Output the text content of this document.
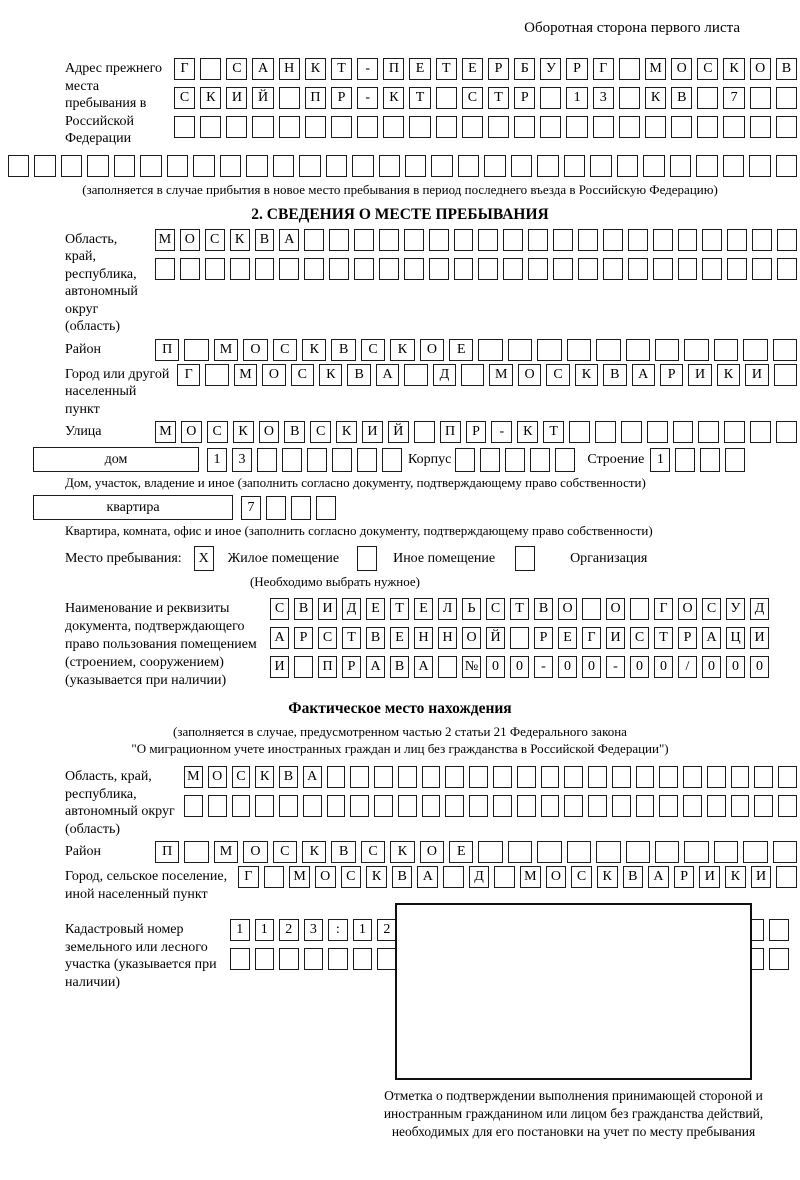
Оборотная сторона первого листа
Адрес прежнего места пребывания в Российской Федерации
Г	С	А	Н	К	Т	-	П	Е	Т	Е	Р	Б	У	Р	Г	М	О	С	К	О	В
С	К	И	Й	П	Р	-	К	Т	С	Т	Р	1	3	К	В	7
(заполняется в случае прибытия в новое место пребывания в период последнего въезда в Российскую Федерацию)
2. СВЕДЕНИЯ О МЕСТЕ ПРЕБЫВАНИЯ
Область, край, республика, автономный округ (область)
М О	С	К	В	А
Район	П	М	О	С	К	В	С	К	О	Е
Город или другой населенный пункт
Г	М	О	С	К	В	А	Д	М	О	С	К	В	А	Р	И	К	И
Улица	М	О	С	К	О	В	С	К	И	Й	П	Р	-	К	Т
дом	1	3	Корпус	Строение 1
Дом, участок, владение и иное (заполнить согласно документу, подтверждающему право собственности)
квартира	7
Квартира, комната, офис и иное (заполнить согласно документу, подтверждающему право собственности)
Место пребывания:	X	Жилое помещение	Иное помещение	Организация
(Необходимо выбрать нужное)
Наименование и реквизиты документа, подтверждающего право пользования помещением (строением, сооружением) (указывается при наличии)
С	В	И	Д	Е	Т	Е	Л	Ь	С	Т	В	О	О	Г	О	С	У	Д
А	Р	С	Т	В	Е	Н Н О Й	Р	Е	Г	И	С	Т	Р	А Ц И
И	П	Р	А	В	А	№ 0	0	-	0	0	-	0	0	/	0	0	0
Фактическое место нахождения
(заполняется в случае, предусмотренном частью 2 статьи 21 Федерального закона
"О миграционном учете иностранных граждан и лиц без гражданства в Российской Федерации")
Область, край, республика, автономный округ (область)
М О	С	К	В	А
Район	П	М	О	С	К	В	С	К	О	Е
Город, сельское поселение, иной населенный пункт
Г	М	О	С	К	В	А	Д	М	О	С	К	В	А	Р	И	К	И
Кадастровый номер земельного или лесного участка (указывается при наличии)
1	1	2	3	:	1	2
Отметка о подтверждении выполнения принимающей стороной и иностранным гражданином или лицом без гражданства действий, необходимых для его постановки на учет по месту пребывания
